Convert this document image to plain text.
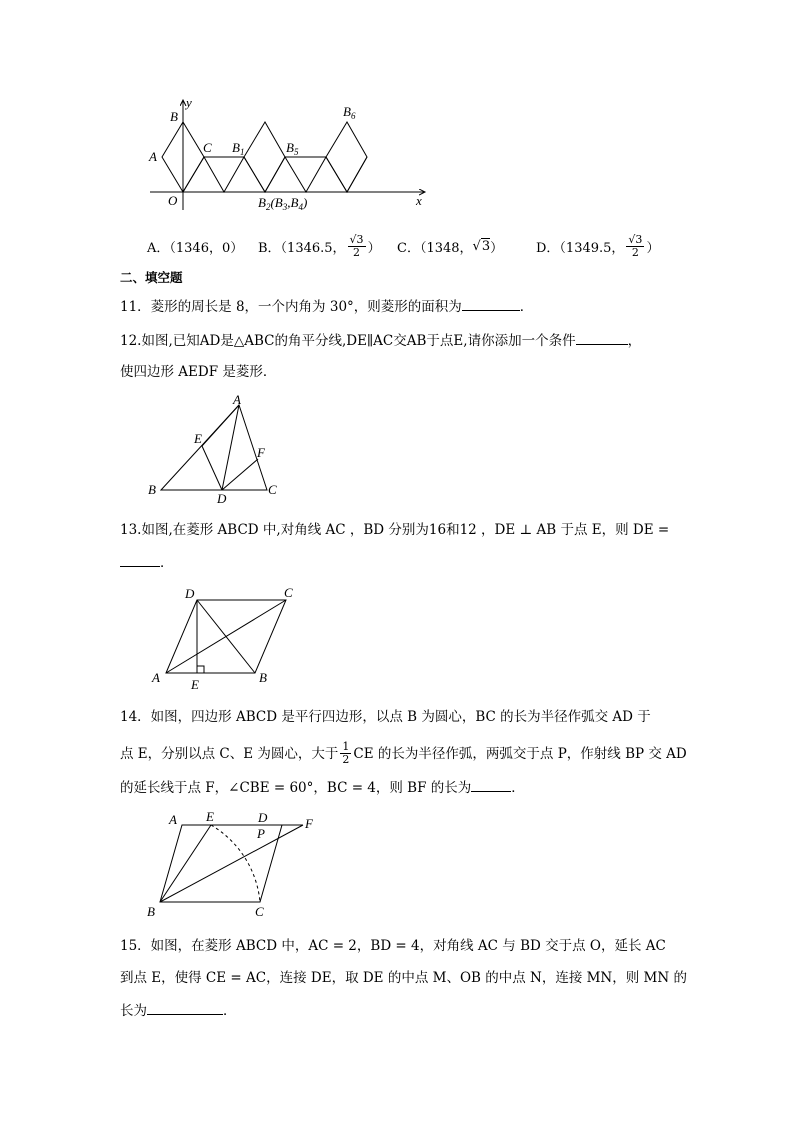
y
x
B
A
C
O
$B_1$	$B_5$
$B_6$
$B_2(B_3,B_4)$
A．（1346，0） B．（1346.5， $\frac{√3}{2}$ ） C．（1348， √3 ）	D．（1349.5， $\frac{√3}{2}$ ）
二、填空题
11．菱形的周长是 8，一个内角为 30°，则菱形的面积为	．
12.如图,已知AD是△ABC的角平分线,DE∥AC交AB于点E,请你添加一个条件	，
使四边形 AEDF 是菱形．
A
B	C
D
E
F
13.如图,在菱形 ABCD 中,对角线 AC ，BD 分别为16和12 ，DE ⊥ AB 于点 E，则 DE =
．
D	C
A E	B
14．如图，四边形 ABCD 是平行四边形，以点 B 为圆心，BC 的长为半径作弧交 AD 于
点 E，分别以点 C、E 为圆心，大于 $\frac{1}{2}$ CE 的长为半径作弧，两弧交于点 P，作射线 BP 交 AD
的延长线于点 F，∠CBE = 60°，BC = 4，则 BF 的长为	．
A E	D	F
P
B	C
15．如图，在菱形 ABCD 中，AC = 2，BD = 4，对角线 AC 与 BD 交于点 O，延长 AC
到点 E，使得 CE = AC，连接 DE，取 DE 的中点 M、OB 的中点 N，连接 MN，则 MN 的
长为	．
